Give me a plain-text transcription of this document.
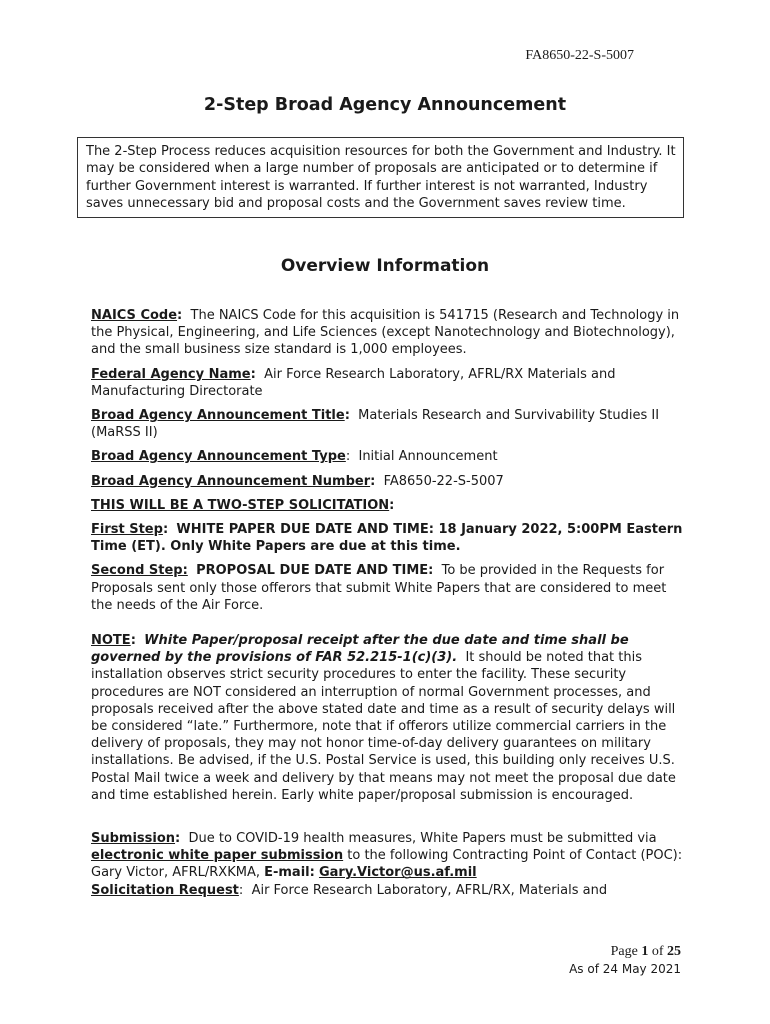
FA8650-22-S-5007
2-Step Broad Agency Announcement
The 2-Step Process reduces acquisition resources for both the Government and Industry. It may be considered when a large number of proposals are anticipated or to determine if further Government interest is warranted. If further interest is not warranted, Industry saves unnecessary bid and proposal costs and the Government saves review time.
Overview Information

NAICS Code: The NAICS Code for this acquisition is 541715 (Research and Technology in the Physical, Engineering, and Life Sciences (except Nanotechnology and Biotechnology), and the small business size standard is 1,000 employees.

Federal Agency Name: Air Force Research Laboratory, AFRL/RX Materials and Manufacturing Directorate

Broad Agency Announcement Title: Materials Research and Survivability Studies II (MaRSS II)

Broad Agency Announcement Type:  Initial Announcement

Broad Agency Announcement Number: FA8650-22-S-5007

THIS WILL BE A TWO-STEP SOLICITATION:

First Step: WHITE PAPER DUE DATE AND TIME: 18 January 2022, 5:00PM Eastern Time (ET). Only White Papers are due at this time.

Second Step: PROPOSAL DUE DATE AND TIME: To be provided in the Requests for Proposals sent only those offerors that submit White Papers that are considered to meet the needs of the Air Force.

NOTE: White Paper/proposal receipt after the due date and time shall be governed by the provisions of FAR 52.215-1(c)(3). It should be noted that this installation observes strict security procedures to enter the facility. These security procedures are NOT considered an interruption of normal Government processes, and proposals received after the above stated date and time as a result of security delays will be considered “late.” Furthermore, note that if offerors utilize commercial carriers in the delivery of proposals, they may not honor time-of-day delivery guarantees on military installations. Be advised, if the U.S. Postal Service is used, this building only receives U.S. Postal Mail twice a week and delivery by that means may not meet the proposal due date and time established herein. Early white paper/proposal submission is encouraged.

Submission: Due to COVID-19 health measures, White Papers must be submitted via electronic white paper submission to the following Contracting Point of Contact (POC): Gary Victor, AFRL/RXKMA, E-mail: Gary.Victor@us.af.mil
Solicitation Request:  Air Force Research Laboratory, AFRL/RX, Materials and

Page 1 of 25
As of 24 May 2021
